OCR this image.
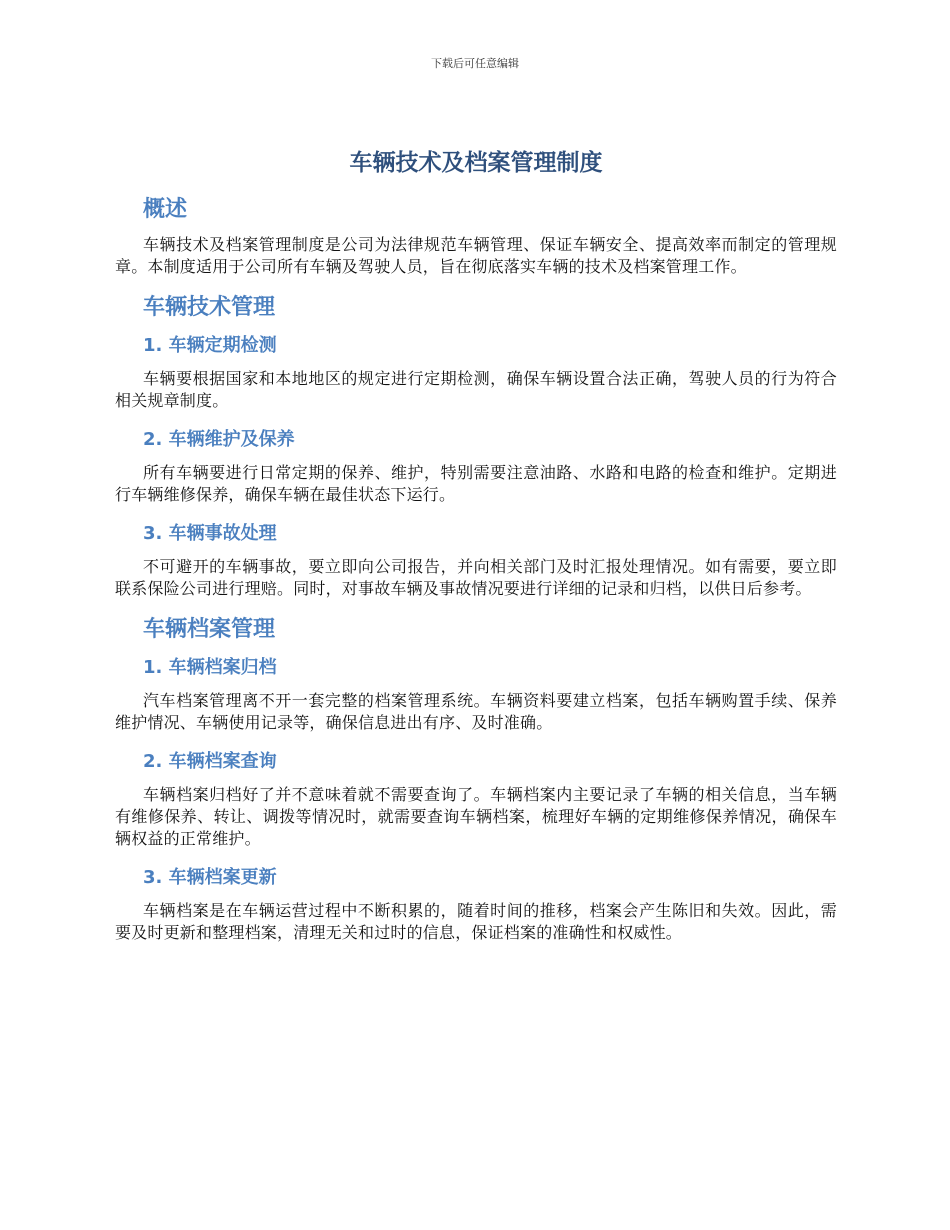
下载后可任意编辑
车辆技术及档案管理制度
概述

车辆技术及档案管理制度是公司为法律规范车辆管理、保证车辆安全、提高效率而制定的管理规章。本制度适用于公司所有车辆及驾驶人员，旨在彻底落实车辆的技术及档案管理工作。

车辆技术管理
1. 车辆定期检测

车辆要根据国家和本地地区的规定进行定期检测，确保车辆设置合法正确，驾驶人员的行为符合相关规章制度。

2. 车辆维护及保养

所有车辆要进行日常定期的保养、维护，特别需要注意油路、水路和电路的检查和维护。定期进行车辆维修保养，确保车辆在最佳状态下运行。

3. 车辆事故处理

不可避开的车辆事故，要立即向公司报告，并向相关部门及时汇报处理情况。如有需要，要立即联系保险公司进行理赔。同时，对事故车辆及事故情况要进行详细的记录和归档，以供日后参考。

车辆档案管理
1. 车辆档案归档

汽车档案管理离不开一套完整的档案管理系统。车辆资料要建立档案，包括车辆购置手续、保养维护情况、车辆使用记录等，确保信息进出有序、及时准确。

2. 车辆档案查询

车辆档案归档好了并不意味着就不需要查询了。车辆档案内主要记录了车辆的相关信息，当车辆有维修保养、转让、调拨等情况时，就需要查询车辆档案，梳理好车辆的定期维修保养情况，确保车辆权益的正常维护。

3. 车辆档案更新

车辆档案是在车辆运营过程中不断积累的，随着时间的推移，档案会产生陈旧和失效。因此，需要及时更新和整理档案，清理无关和过时的信息，保证档案的准确性和权威性。
